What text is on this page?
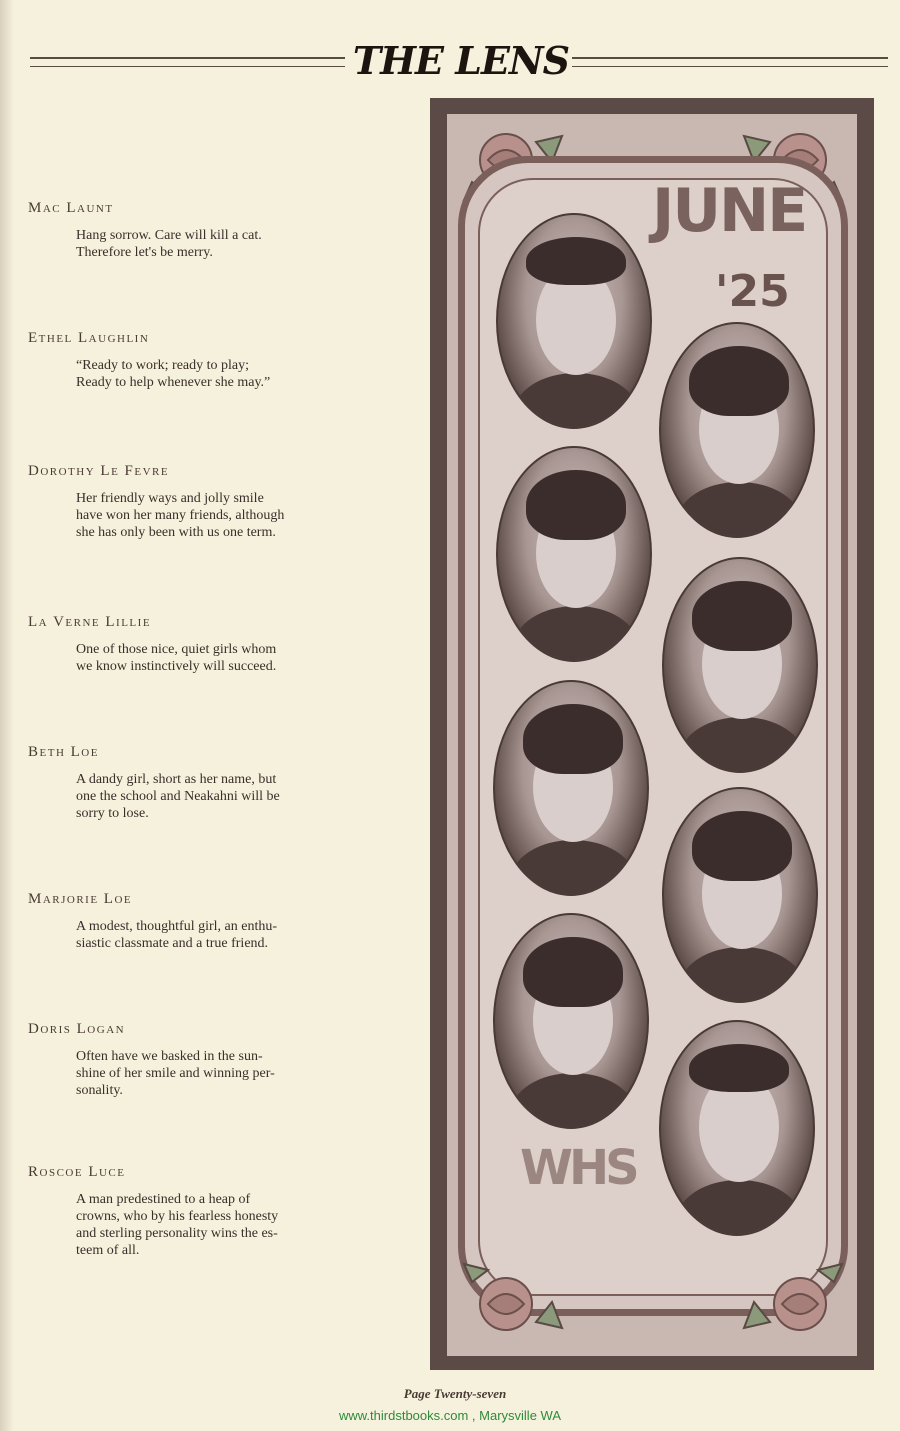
THE LENS

Mac Launt

Hang sorrow. Care will kill a cat.
Therefore let's be merry.

Ethel Laughlin

“Ready to work; ready to play;
Ready to help whenever she may.”

Dorothy Le Fevre

Her friendly ways and jolly smile
have won her many friends, although
she has only been with us one term.

La Verne Lillie

One of those nice, quiet girls whom
we know instinctively will succeed.

Beth Loe

A dandy girl, short as her name, but
one the school and Neakahni will be
sorry to lose.

Marjorie Loe

A modest, thoughtful girl, an enthu-
siastic classmate and a true friend.

Doris Logan

Often have we basked in the sun-
shine of her smile and winning per-
sonality.

Roscoe Luce

A man predestined to a heap of
crowns, who by his fearless honesty
and sterling personality wins the es-
teem of all.

JUNE
'25
WHS
Page Twenty-seven
www.thirdstbooks.com , Marysville WA
